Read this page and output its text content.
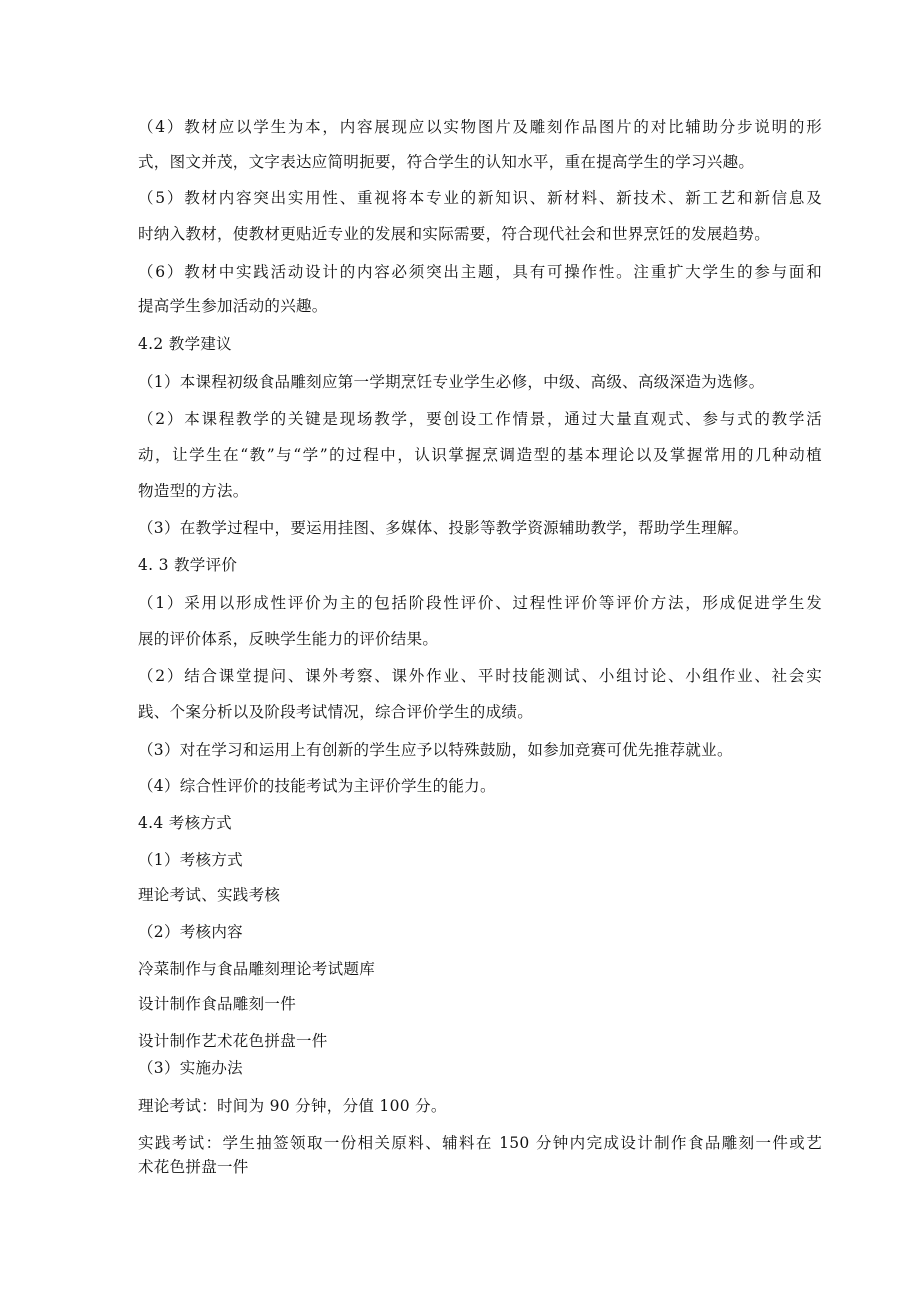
（4）教材应以学生为本，内容展现应以实物图片及雕刻作品图片的对比辅助分步说明的形
式，图文并茂，文字表达应简明扼要，符合学生的认知水平，重在提高学生的学习兴趣。
（5）教材内容突出实用性、重视将本专业的新知识、新材料、新技术、新工艺和新信息及
时纳入教材，使教材更贴近专业的发展和实际需要，符合现代社会和世界烹饪的发展趋势。
（6）教材中实践活动设计的内容必须突出主题，具有可操作性。注重扩大学生的参与面和
提高学生参加活动的兴趣。
4.2 教学建议
（1）本课程初级食品雕刻应第一学期烹饪专业学生必修，中级、高级、高级深造为选修。
（2）本课程教学的关键是现场教学，要创设工作情景，通过大量直观式、参与式的教学活
动，让学生在“教”与“学”的过程中，认识掌握烹调造型的基本理论以及掌握常用的几种动植
物造型的方法。
（3）在教学过程中，要运用挂图、多媒体、投影等教学资源辅助教学，帮助学生理解。
4. 3 教学评价
（1）采用以形成性评价为主的包括阶段性评价、过程性评价等评价方法，形成促进学生发
展的评价体系，反映学生能力的评价结果。
（2）结合课堂提问、课外考察、课外作业、平时技能测试、小组讨论、小组作业、社会实
践、个案分析以及阶段考试情况，综合评价学生的成绩。
（3）对在学习和运用上有创新的学生应予以特殊鼓励，如参加竞赛可优先推荐就业。
（4）综合性评价的技能考试为主评价学生的能力。
4.4 考核方式
（1）考核方式
理论考试、实践考核
（2）考核内容
冷菜制作与食品雕刻理论考试题库
设计制作食品雕刻一件
设计制作艺术花色拼盘一件
（3）实施办法
理论考试：时间为 90 分钟，分值 100 分。
实践考试：学生抽签领取一份相关原料、辅料在 150 分钟内完成设计制作食品雕刻一件或艺
术花色拼盘一件
